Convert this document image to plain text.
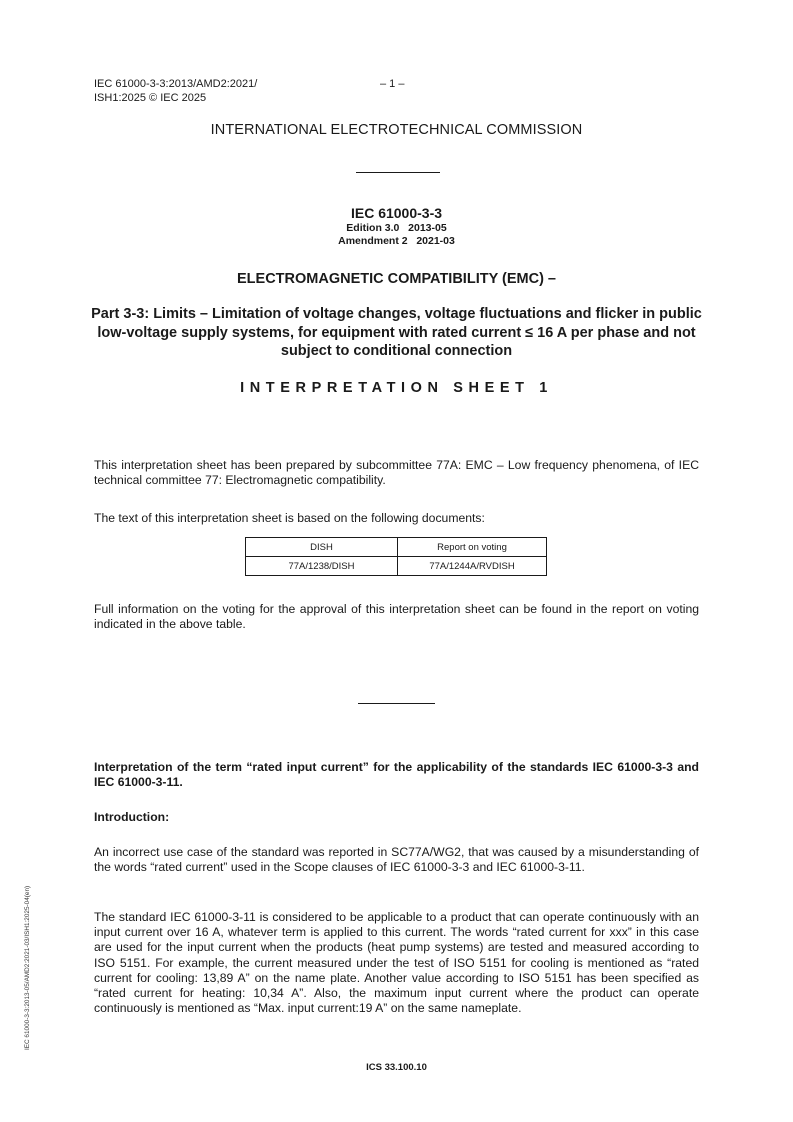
IEC 61000-3-3:2013/AMD2:2021/
ISH1:2025 © IEC 2025
– 1 –
INTERNATIONAL ELECTROTECHNICAL COMMISSION
IEC 61000-3-3
Edition 3.0   2013-05
Amendment 2   2021-03
ELECTROMAGNETIC COMPATIBILITY (EMC) –
Part 3-3: Limits – Limitation of voltage changes, voltage fluctuations and flicker in public low-voltage supply systems, for equipment with rated current ≤ 16 A per phase and not subject to conditional connection
INTERPRETATION SHEET 1
This interpretation sheet has been prepared by subcommittee 77A: EMC – Low frequency phenomena, of IEC technical committee 77: Electromagnetic compatibility.
The text of this interpretation sheet is based on the following documents:
DISH	Report on voting
77A/1238/DISH	77A/1244A/RVDISH
Full information on the voting for the approval of this interpretation sheet can be found in the report on voting indicated in the above table.
Interpretation of the term “rated input current” for the applicability of the standards IEC 61000-3-3 and IEC 61000-3-11.
Introduction:
An incorrect use case of the standard was reported in SC77A/WG2, that was caused by a misunderstanding of the words “rated current” used in the Scope clauses of IEC 61000-3-3 and IEC 61000-3-11.
The standard IEC 61000-3-11 is considered to be applicable to a product that can operate continuously with an input current over 16 A, whatever term is applied to this current. The words “rated current for xxx” in this case are used for the input current when the products (heat pump systems) are tested and measured according to ISO 5151. For example, the current measured under the test of ISO 5151 for cooling is mentioned as “rated current for cooling: 13,89 A” on the name plate. Another value according to ISO 5151 has been specified as “rated current for heating: 10,34 A”. Also, the maximum input current where the product can operate continuously is mentioned as “Max. input current:19 A” on the same nameplate.
IEC 61000-3-3:2013-05/AMD2:2021-03/ISH1:2025-04(en)
ICS 33.100.10
